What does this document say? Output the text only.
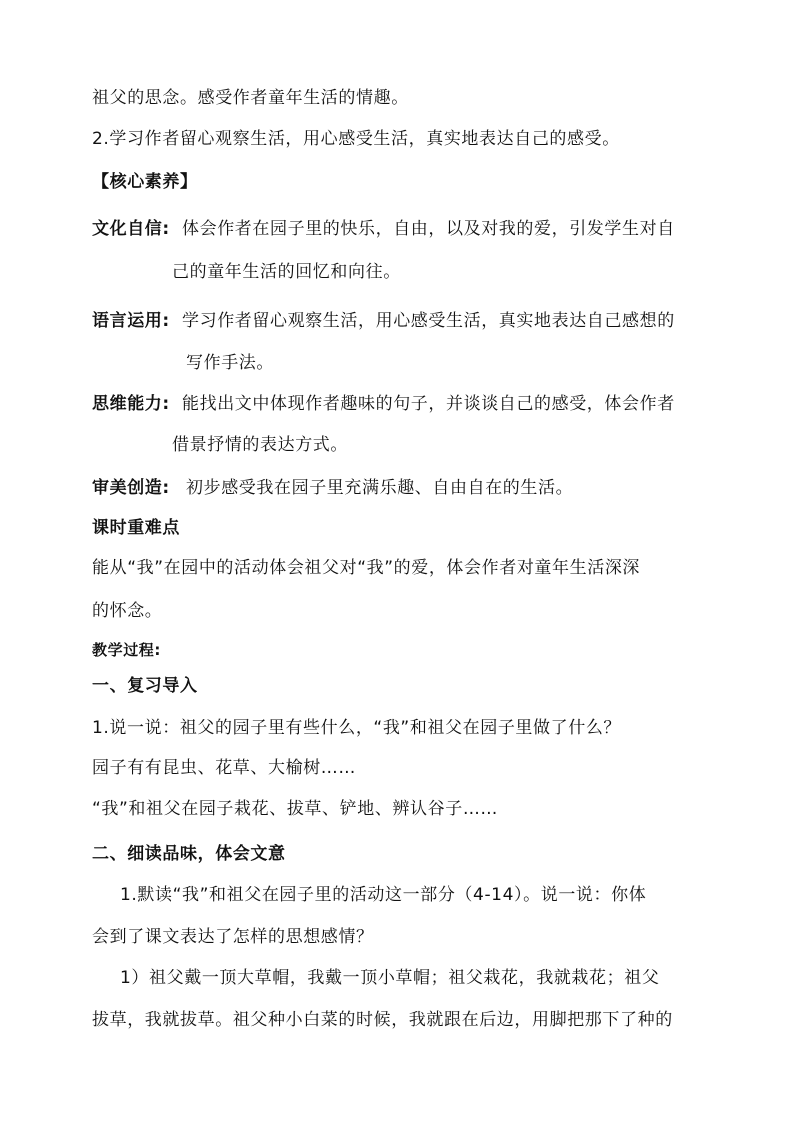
祖父的思念。感受作者童年生活的情趣。
2.学习作者留心观察生活，用心感受生活，真实地表达自己的感受。
【核心素养】
文化自信: 体会作者在园子里的快乐，自由，以及对我的爱，引发学生对自
己的童年生活的回忆和向往。
语言运用: 学习作者留心观察生活，用心感受生活，真实地表达自己感想的
写作手法。
思维能力: 能找出文中体现作者趣味的句子，并谈谈自己的感受，体会作者
借景抒情的表达方式。
审美创造: 初步感受我在园子里充满乐趣、自由自在的生活。
课时重难点
能从“我”在园中的活动体会祖父对“我”的爱，体会作者对童年生活深深
的怀念。
教学过程:
一、复习导入
1.说一说：祖父的园子里有些什么，“我”和祖父在园子里做了什么？
园子有有昆虫、花草、大榆树……
“我”和祖父在园子栽花、拔草、铲地、辨认谷子……
二、细读品味，体会文意
1.默读“我”和祖父在园子里的活动这一部分（4-14）。说一说：你体
会到了课文表达了怎样的思想感情？
1）祖父戴一顶大草帽，我戴一顶小草帽；祖父栽花，我就栽花；祖父
拔草，我就拔草。祖父种小白菜的时候，我就跟在后边，用脚把那下了种的
